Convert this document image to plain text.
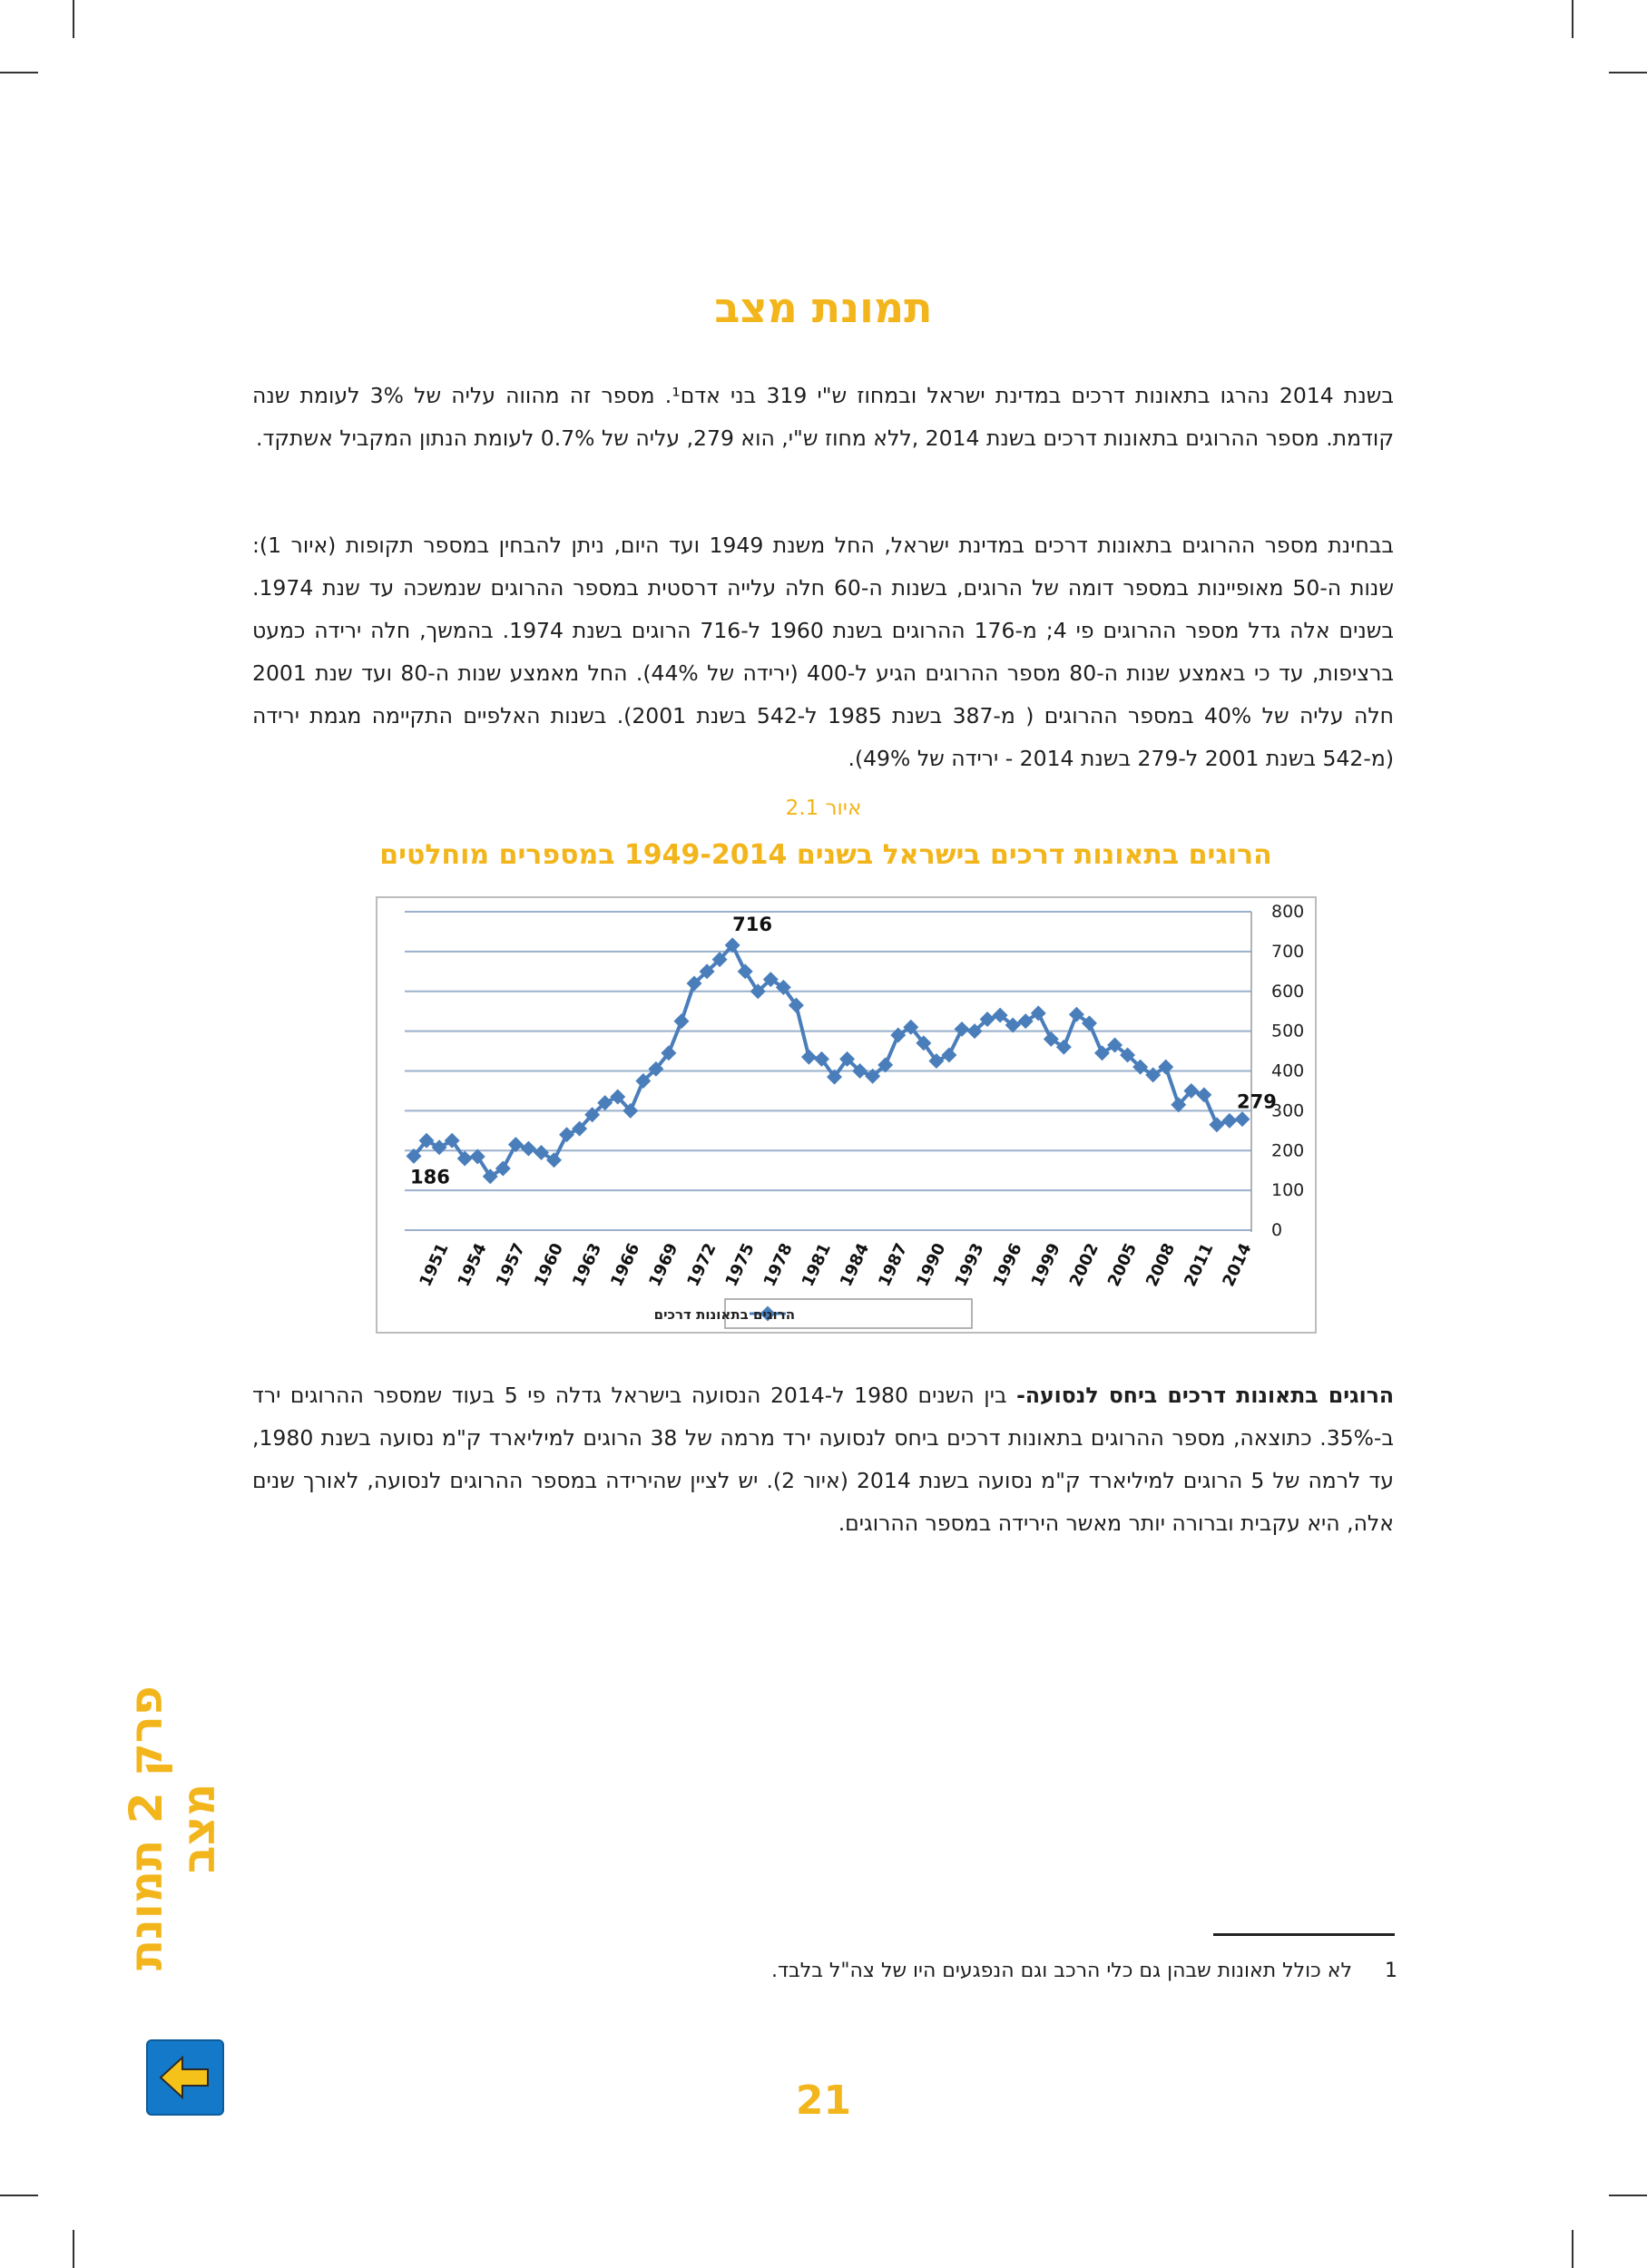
תמונת מצב
בשנת 2014 נהרגו בתאונות דרכים במדינת ישראל ובמחוז ש"י 319 בני אדם¹. מספר זה מהווה עליה של 3% לעומת שנה קודמת. מספר ההרוגים בתאונות דרכים בשנת 2014 ,ללא מחוז ש"י, הוא 279, עליה של 0.7% לעומת הנתון המקביל אשתקד.
בבחינת מספר ההרוגים בתאונות דרכים במדינת ישראל, החל משנת 1949 ועד היום, ניתן להבחין במספר תקופות (איור 1): שנות ה-50 מאופיינות במספר דומה של הרוגים, בשנות ה-60 חלה עלייה דרסטית במספר ההרוגים שנמשכה עד שנת 1974. בשנים אלה גדל מספר ההרוגים פי 4; מ-176 ההרוגים בשנת 1960 ל-716 הרוגים בשנת 1974. בהמשך, חלה ירידה כמעט ברציפות, עד כי באמצע שנות ה-80 מספר ההרוגים הגיע ל-400 (ירידה של 44%). החל מאמצע שנות ה-80 ועד שנת 2001 חלה עליה של 40% במספר ההרוגים ( מ-387 בשנת 1985 ל-542 בשנת 2001). בשנות האלפיים התקיימה מגמת ירידה (מ-542 בשנת 2001 ל-279 בשנת 2014 - ירידה של 49%).
איור 2.1
הרוגים בתאונות דרכים בישראל בשנים 1949-2014 במספרים מוחלטים
0
100
200
300
400
500
600
700
800
1951 1954 1957 1960 1963 1966 1969 1972 1975 1978 1981 1984 1987 1990 1993 1996 1999 2002 2005 2008 2011 2014
186
716
279
הרוגים בתאונות דרכים
הרוגים בתאונות דרכים ביחס לנסועה- בין השנים 1980 ל-2014 הנסועה בישראל גדלה פי 5 בעוד שמספר ההרוגים ירד ב-35%. כתוצאה, מספר ההרוגים בתאונות דרכים ביחס לנסועה ירד מרמה של 38 הרוגים למיליארד ק"מ נסועה בשנת 1980, עד לרמה של 5 הרוגים למיליארד ק"מ נסועה בשנת 2014 (איור 2). יש לציין שהירידה במספר ההרוגים לנסועה, לאורך שנים אלה, היא עקבית וברורה יותר מאשר הירידה במספר ההרוגים.
1לא כולל תאונות שבהן גם כלי הרכב וגם הנפגעים היו של צה"ל בלבד.
פרק 2 תמונת מצב
21
